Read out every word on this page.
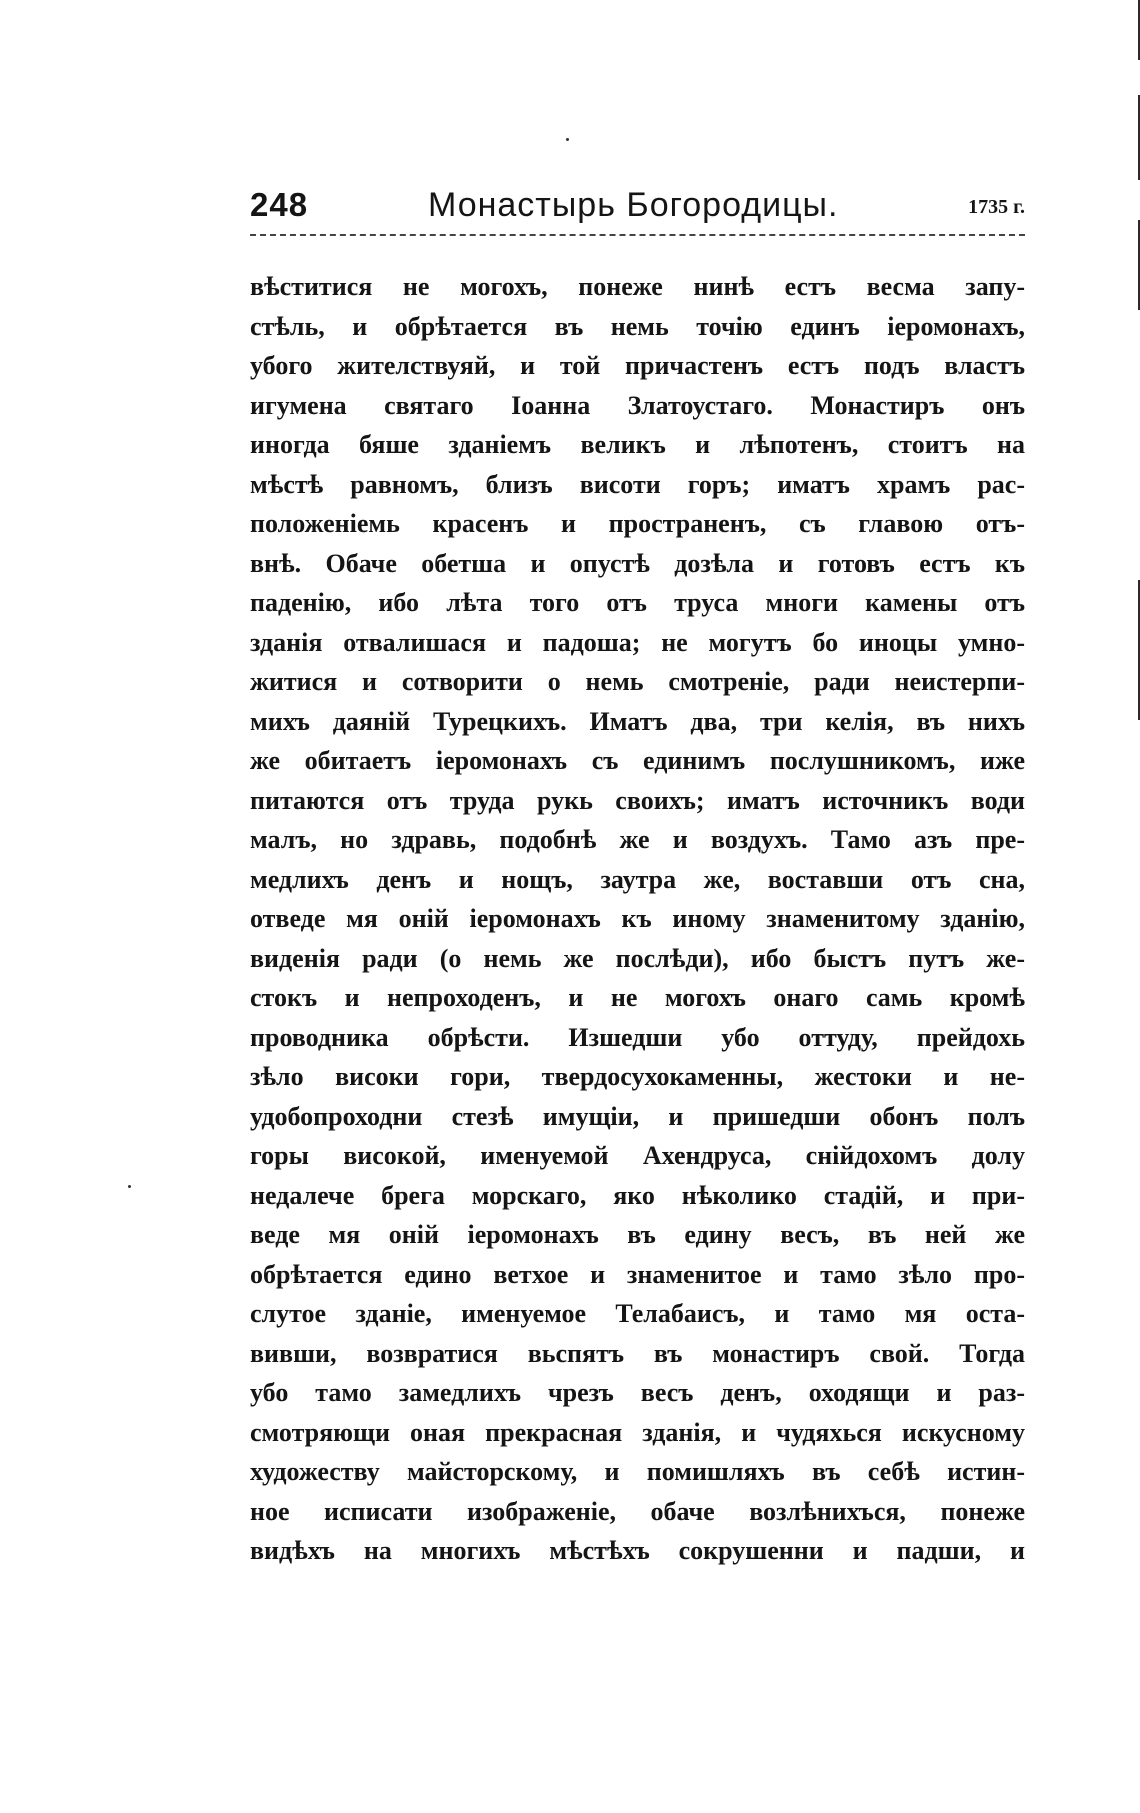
248	Монастырь Богородицы.	1735 г.
вѣститися не могохъ, понеже нинѣ естъ весма запу-
стѣль, и обрѣтается въ немь точію единъ іеромонахъ,
убого жителствуяй, и той причастенъ естъ подъ властъ
игумена святаго Іоанна Златоустаго. Монастиръ онъ
иногда бяше зданіемъ великъ и лѣпотенъ, стоитъ на
мѣстѣ равномъ, близъ висоти горъ; иматъ храмъ рас-
положеніемь красенъ и пространенъ, съ главою отъ-
внѣ. Обаче обетша и опустѣ дозѣла и готовъ естъ къ
паденію, ибо лѣта того отъ труса многи камены отъ
зданія отвалишася и падоша; не могутъ бо иноцы умно-
житися и сотворити о немь смотреніе, ради неистерпи-
михъ даяній Турецкихъ. Иматъ два, три келія, въ нихъ
же обитаетъ іеромонахъ съ единимъ послушникомъ, иже
питаются отъ труда рукь своихъ; иматъ источникъ води
малъ, но здравь, подобнѣ же и воздухъ. Тамо азъ пре-
медлихъ денъ и нощъ, заутра же, воставши отъ сна,
отведе мя оній іеромонахъ къ иному знаменитому зданію,
виденія ради (о немь же послѣди), ибо быстъ путъ же-
стокъ и непроходенъ, и не могохъ онаго самь кромѣ
проводника обрѣсти. Изшедши убо оттуду, прейдохь
зѣло високи гори, твердосухокаменны, жестоки и не-
удобопроходни стезѣ имущіи, и пришедши обонъ полъ
горы високой, именуемой Ахендруса, снійдохомъ долу
недалече брега морскаго, яко нѣколико стадій, и при-
веде мя оній іеромонахъ въ едину весъ, въ ней же
обрѣтается едино ветхое и знаменитое и тамо зѣло про-
слутое зданіе, именуемое Телабаисъ, и тамо мя оста-
вивши, возвратися вьспятъ въ монастиръ свой. Тогда
убо тамо замедлихъ чрезъ весъ денъ, оходящи и раз-
смотряющи оная прекрасная зданія, и чудяхься искусному
художеству майсторскому, и помишляхъ въ себѣ истин-
ное исписати изображеніе, обаче возлѣнихъся, понеже
видѣхъ на многихъ мѣстѣхъ сокрушенни и падши, и
